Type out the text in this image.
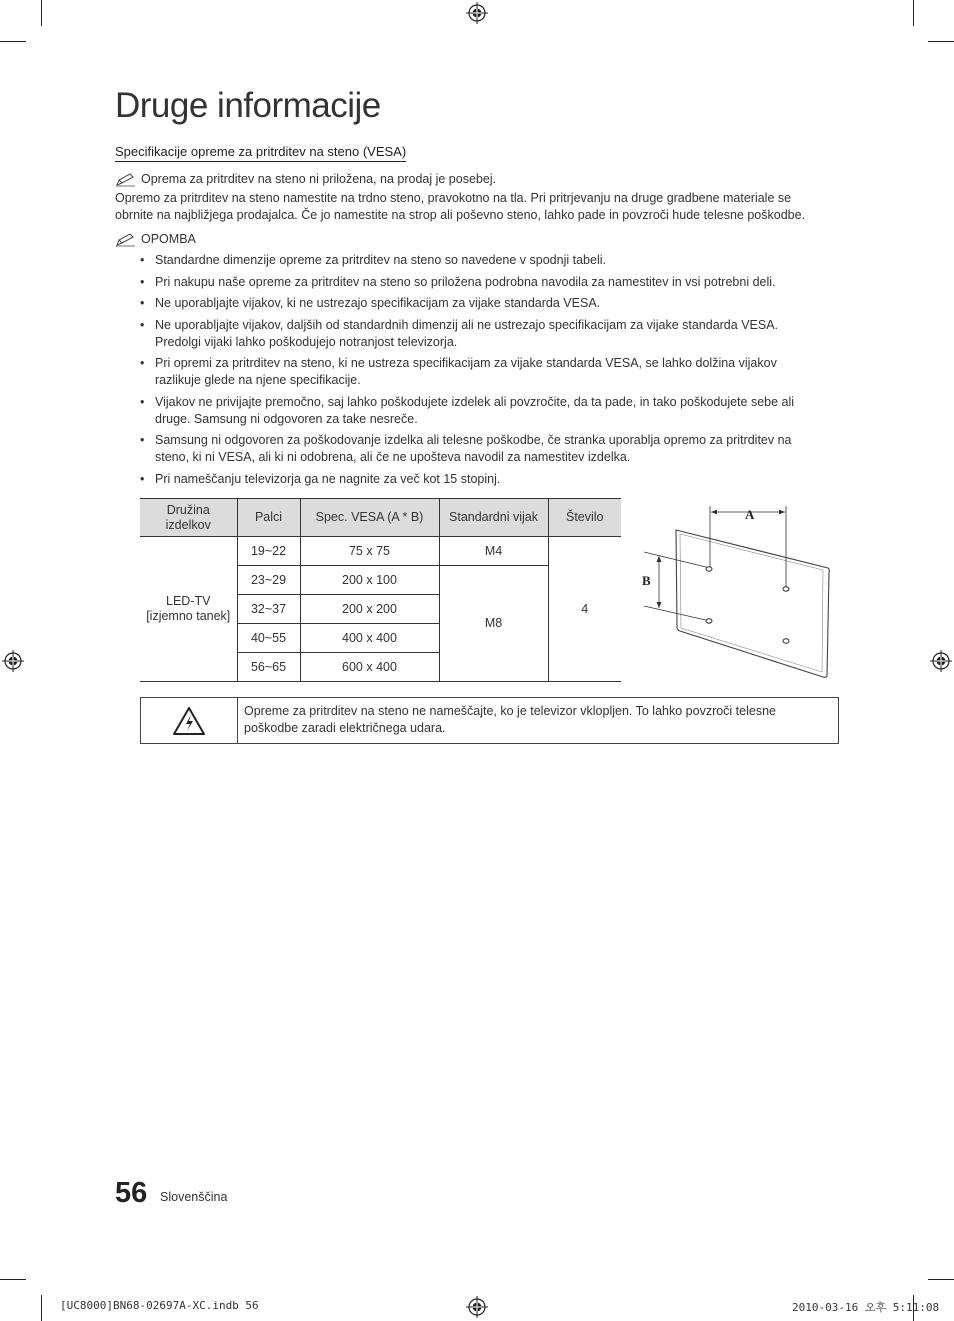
Druge informacije
Specifikacije opreme za pritrditev na steno (VESA)
Oprema za pritrditev na steno ni priložena, na prodaj je posebej.
Opremo za pritrditev na steno namestite na trdno steno, pravokotno na tla. Pri pritrjevanju na druge gradbene materiale se
obrnite na najbližjega prodajalca. Če jo namestite na strop ali poševno steno, lahko pade in povzroči hude telesne poškodbe.
OPOMBA
• Standardne dimenzije opreme za pritrditev na steno so navedene v spodnji tabeli.
• Pri nakupu naše opreme za pritrditev na steno so priložena podrobna navodila za namestitev in vsi potrebni deli.
• Ne uporabljajte vijakov, ki ne ustrezajo specifikacijam za vijake standarda VESA.
• Ne uporabljajte vijakov, daljših od standardnih dimenzij ali ne ustrezajo specifikacijam za vijake standarda VESA.
Predolgi vijaki lahko poškodujejo notranjost televizorja.
• Pri opremi za pritrditev na steno, ki ne ustreza specifikacijam za vijake standarda VESA, se lahko dolžina vijakov
razlikuje glede na njene specifikacije.
• Vijakov ne privijajte premočno, saj lahko poškodujete izdelek ali povzročite, da ta pade, in tako poškodujete sebe ali
druge. Samsung ni odgovoren za take nesreče.
• Samsung ni odgovoren za poškodovanje izdelka ali telesne poškodbe, če stranka uporablja opremo za pritrditev na
steno, ki ni VESA, ali ki ni odobrena, ali če ne upošteva navodil za namestitev izdelka.
• Pri nameščanju televizorja ga ne nagnite za več kot 15 stopinj.
Družina
izdelkov	Palci	Spec. VESA (A * B)	Standardni vijak	Število

LED-TV
[izjemno tanek]	19~22	75 x 75	M4	4
	23~29	200 x 100	M8	
	32~37	200 x 200		
	40~55	400 x 400		
	56~65	600 x 400		
A
B
Opreme za pritrditev na steno ne nameščajte, ko je televizor vklopljen. To lahko povzroči telesne
poškodbe zaradi električnega udara.
56 Slovenščina
[UC8000]BN68-02697A-XC.indb 56	2010-03-16 오후 5:11:08
